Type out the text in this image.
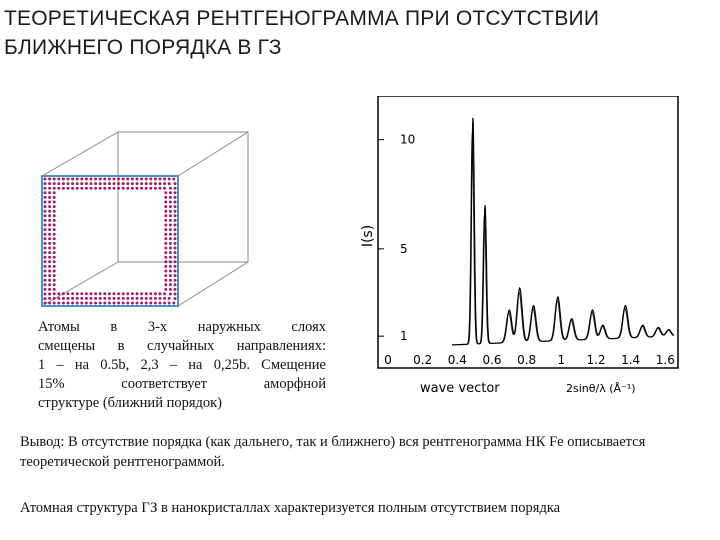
ТЕОРЕТИЧЕСКАЯ РЕНТГЕНОГРАММА ПРИ ОТСУТСТВИИ
БЛИЖНЕГО ПОРЯДКА В ГЗ
Атомы в 3-х наружных слоях
смещены в случайных направлениях:
1 – на 0.5b, 2,3 – на 0,25b. Смещение
15% соответствует аморфной
структуре (ближний порядок)
I(s)
1
5
10
0 0.2 0.4 0.6 0.8 1 1.2 1.4 1.6
wave vector	2sinθ/λ (Å⁻¹)
Вывод: В отсутствие порядка (как дальнего, так и ближнего) вся рентгенограмма НК Fe описывается теоретической рентгенограммой.
Атомная структура ГЗ в нанокристаллах характеризуется полным отсутствием порядка
